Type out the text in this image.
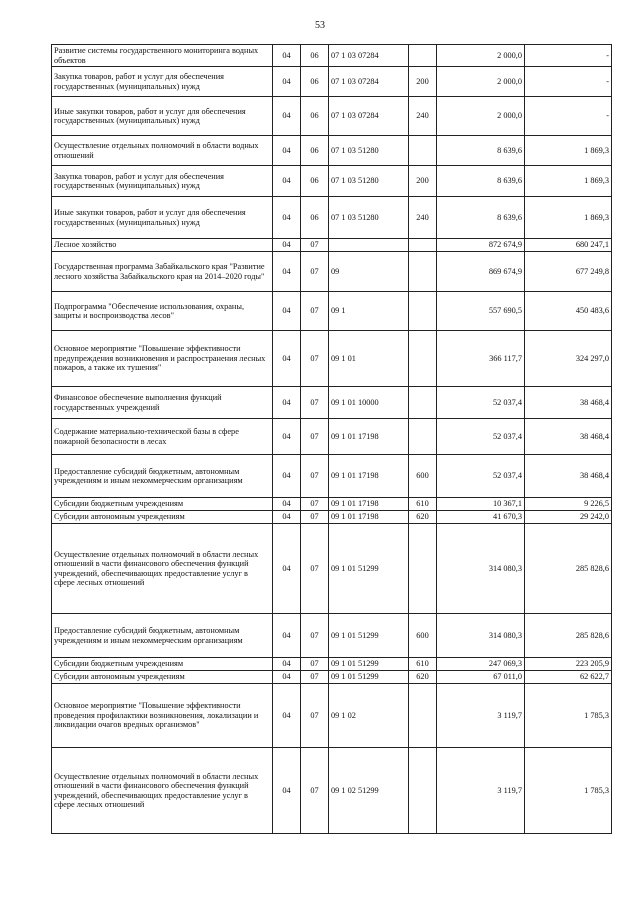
53
Развитие системы государственного мониторинга водных объектов	04	06	07 1 03 07284		2 000,0	-
Закупка товаров, работ и услуг для обеспечения государственных (муниципальных) нужд	04	06	07 1 03 07284	200	2 000,0	-
Иные закупки товаров, работ и услуг для обеспечения государственных (муниципальных) нужд	04	06	07 1 03 07284	240	2 000,0	-
Осуществление отдельных полномочий в области водных отношений	04	06	07 1 03 51280		8 639,6	1 869,3
Закупка товаров, работ и услуг для обеспечения государственных (муниципальных) нужд	04	06	07 1 03 51280	200	8 639,6	1 869,3
Иные закупки товаров, работ и услуг для обеспечения государственных (муниципальных) нужд	04	06	07 1 03 51280	240	8 639,6	1 869,3
Лесное хозяйство	04	07			872 674,9	680 247,1
Государственная программа Забайкальского края "Развитие лесного хозяйства Забайкальского края на 2014–2020 годы"	04	07	09		869 674,9	677 249,8
Подпрограмма "Обеспечение использования, охраны, защиты и воспроизводства лесов"	04	07	09 1		557 690,5	450 483,6
Основное мероприятие "Повышение эффективности предупреждения возникновения и распространения лесных пожаров, а также их тушения"	04	07	09 1 01		366 117,7	324 297,0
Финансовое обеспечение выполнения функций государственных учреждений	04	07	09 1 01 10000		52 037,4	38 468,4
Содержание материально-технической базы в сфере пожарной безопасности в лесах	04	07	09 1 01 17198		52 037,4	38 468,4
Предоставление субсидий бюджетным, автономным учреждениям и иным некоммерческим организациям	04	07	09 1 01 17198	600	52 037,4	38 468,4
Субсидии бюджетным учреждениям	04	07	09 1 01 17198	610	10 367,1	9 226,5
Субсидии автономным учреждениям	04	07	09 1 01 17198	620	41 670,3	29 242,0
Осуществление отдельных полномочий в области лесных отношений в части финансового обеспечения функций учреждений, обеспечивающих предоставление услуг в сфере лесных отношений	04	07	09 1 01 51299		314 080,3	285 828,6
Предоставление субсидий бюджетным, автономным учреждениям и иным некоммерческим организациям	04	07	09 1 01 51299	600	314 080,3	285 828,6
Субсидии бюджетным учреждениям	04	07	09 1 01 51299	610	247 069,3	223 205,9
Субсидии автономным учреждениям	04	07	09 1 01 51299	620	67 011,0	62 622,7
Основное мероприятие "Повышение эффективности проведения профилактики возникновения, локализации и ликвидации очагов вредных организмов"	04	07	09 1 02		3 119,7	1 785,3
Осуществление отдельных полномочий в области лесных отношений в части финансового обеспечения функций учреждений, обеспечивающих предоставление услуг в сфере лесных отношений	04	07	09 1 02 51299		3 119,7	1 785,3
